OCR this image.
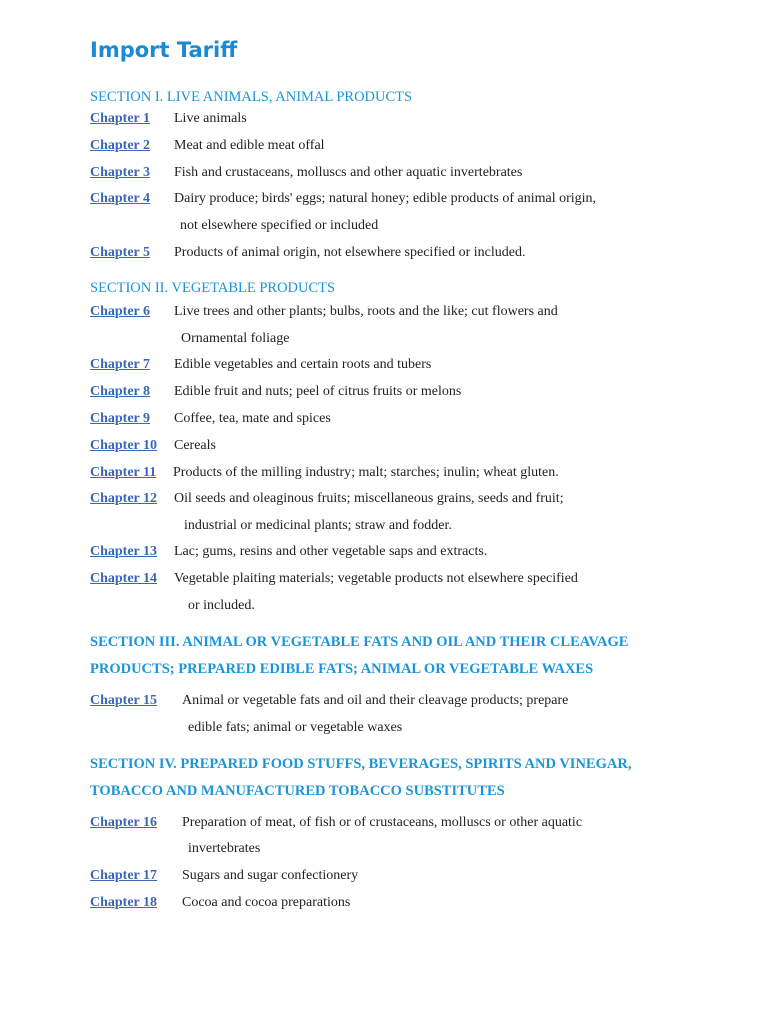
Import Tariff
SECTION I. LIVE ANIMALS, ANIMAL PRODUCTS
Chapter 1 Live animals
Chapter 2 Meat and edible meat offal
Chapter 3 Fish and crustaceans, molluscs and other aquatic invertebrates
Chapter 4 Dairy produce; birds' eggs; natural honey; edible products of animal origin,
not elsewhere specified or included
Chapter 5 Products of animal origin, not elsewhere specified or included.
SECTION II. VEGETABLE PRODUCTS
Chapter 6 Live trees and other plants; bulbs, roots and the like; cut flowers and
Ornamental foliage
Chapter 7 Edible vegetables and certain roots and tubers
Chapter 8 Edible fruit and nuts; peel of citrus fruits or melons
Chapter 9 Coffee, tea, mate and spices
Chapter 10 Cereals
Chapter 11 Products of the milling industry; malt; starches; inulin; wheat gluten.
Chapter 12 Oil seeds and oleaginous fruits; miscellaneous grains, seeds and fruit;
industrial or medicinal plants; straw and fodder.
Chapter 13 Lac; gums, resins and other vegetable saps and extracts.
Chapter 14 Vegetable plaiting materials; vegetable products not elsewhere specified
or included.
SECTION III. ANIMAL OR VEGETABLE FATS AND OIL AND THEIR CLEAVAGE
PRODUCTS; PREPARED EDIBLE FATS; ANIMAL OR VEGETABLE WAXES
Chapter 15 Animal or vegetable fats and oil and their cleavage products; prepare
edible fats; animal or vegetable waxes
SECTION IV. PREPARED FOOD STUFFS, BEVERAGES, SPIRITS AND VINEGAR,
TOBACCO AND MANUFACTURED TOBACCO SUBSTITUTES
Chapter 16 Preparation of meat, of fish or of crustaceans, molluscs or other aquatic
invertebrates
Chapter 17 Sugars and sugar confectionery
Chapter 18 Cocoa and cocoa preparations
